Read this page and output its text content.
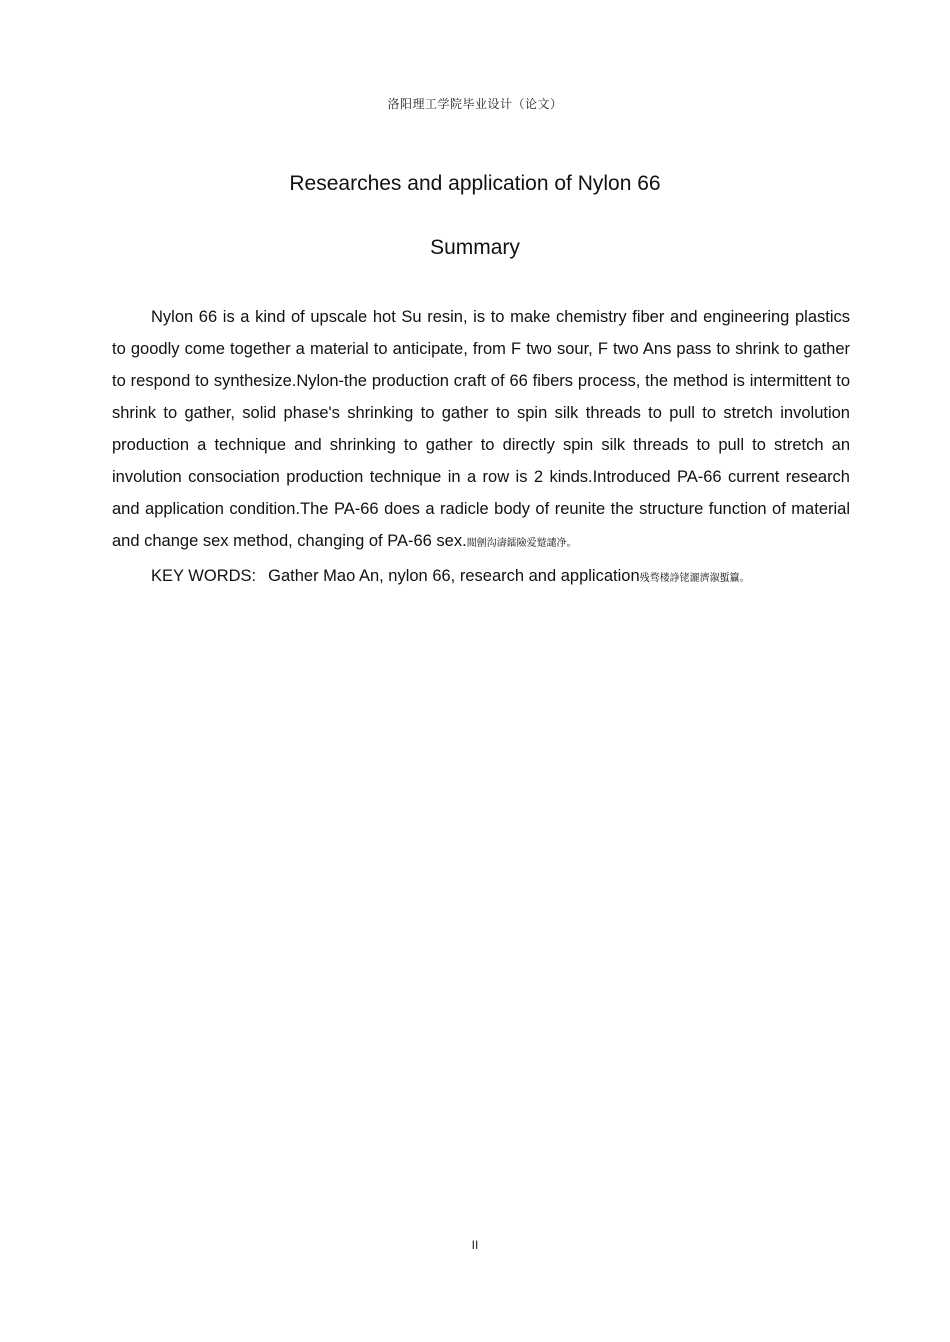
洛阳理工学院毕业设计（论文）
Researches and application of Nylon 66
Summary

Nylon 66 is a kind of upscale hot Su resin, is to make chemistry fiber and engineering plastics to goodly come together a material to anticipate, from F two sour, F two Ans pass to shrink to gather to respond to synthesize.Nylon-the production craft of 66 fibers process, the method is intermittent to shrink to gather, solid phase's shrinking to gather to spin silk threads to pull to stretch involution production a technique and shrinking to gather to directly spin silk threads to pull to stretch an involution consociation production technique in a row is 2 kinds.Introduced PA-66 current research and application condition.The PA-66 does a radicle body of reunite the structure function of material and change sex method, changing of PA-66 sex.閲劊沟濤鐳險爱蹵譴净。

KEY WORDS: Gather Mao An, nylon 66, research and application残骛楼諍铑灑濟溆蟴籯。

II
